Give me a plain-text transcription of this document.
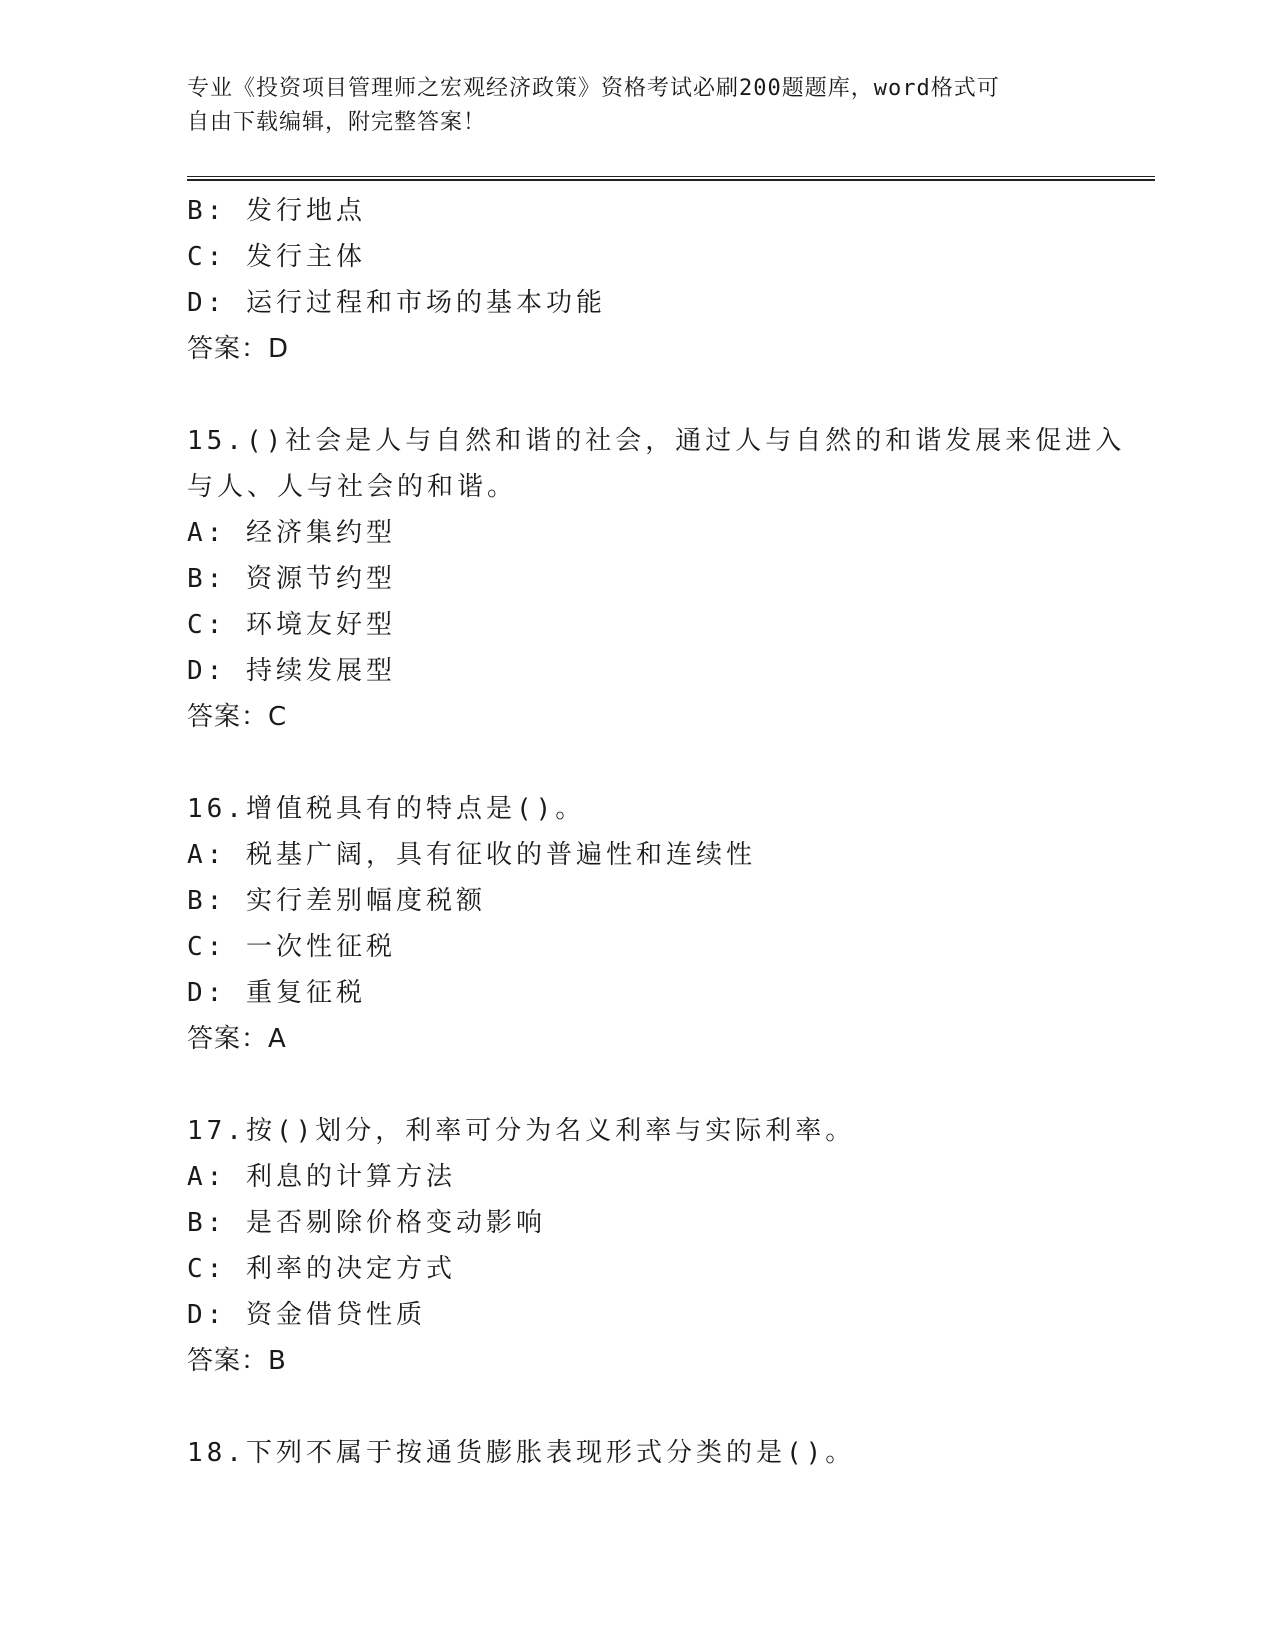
专业《投资项目管理师之宏观经济政策》资格考试必刷200题题库，word格式可
自由下载编辑，附完整答案！
B: 发行地点
C: 发行主体
D: 运行过程和市场的基本功能
答案：D
15.()社会是人与自然和谐的社会，通过人与自然的和谐发展来促进入
与人、人与社会的和谐。
A: 经济集约型
B: 资源节约型
C: 环境友好型
D: 持续发展型
答案：C
16.增值税具有的特点是()。
A: 税基广阔，具有征收的普遍性和连续性
B: 实行差别幅度税额
C: 一次性征税
D: 重复征税
答案：A
17.按()划分，利率可分为名义利率与实际利率。
A: 利息的计算方法
B: 是否剔除价格变动影响
C: 利率的决定方式
D: 资金借贷性质
答案：B
18.下列不属于按通货膨胀表现形式分类的是()。
